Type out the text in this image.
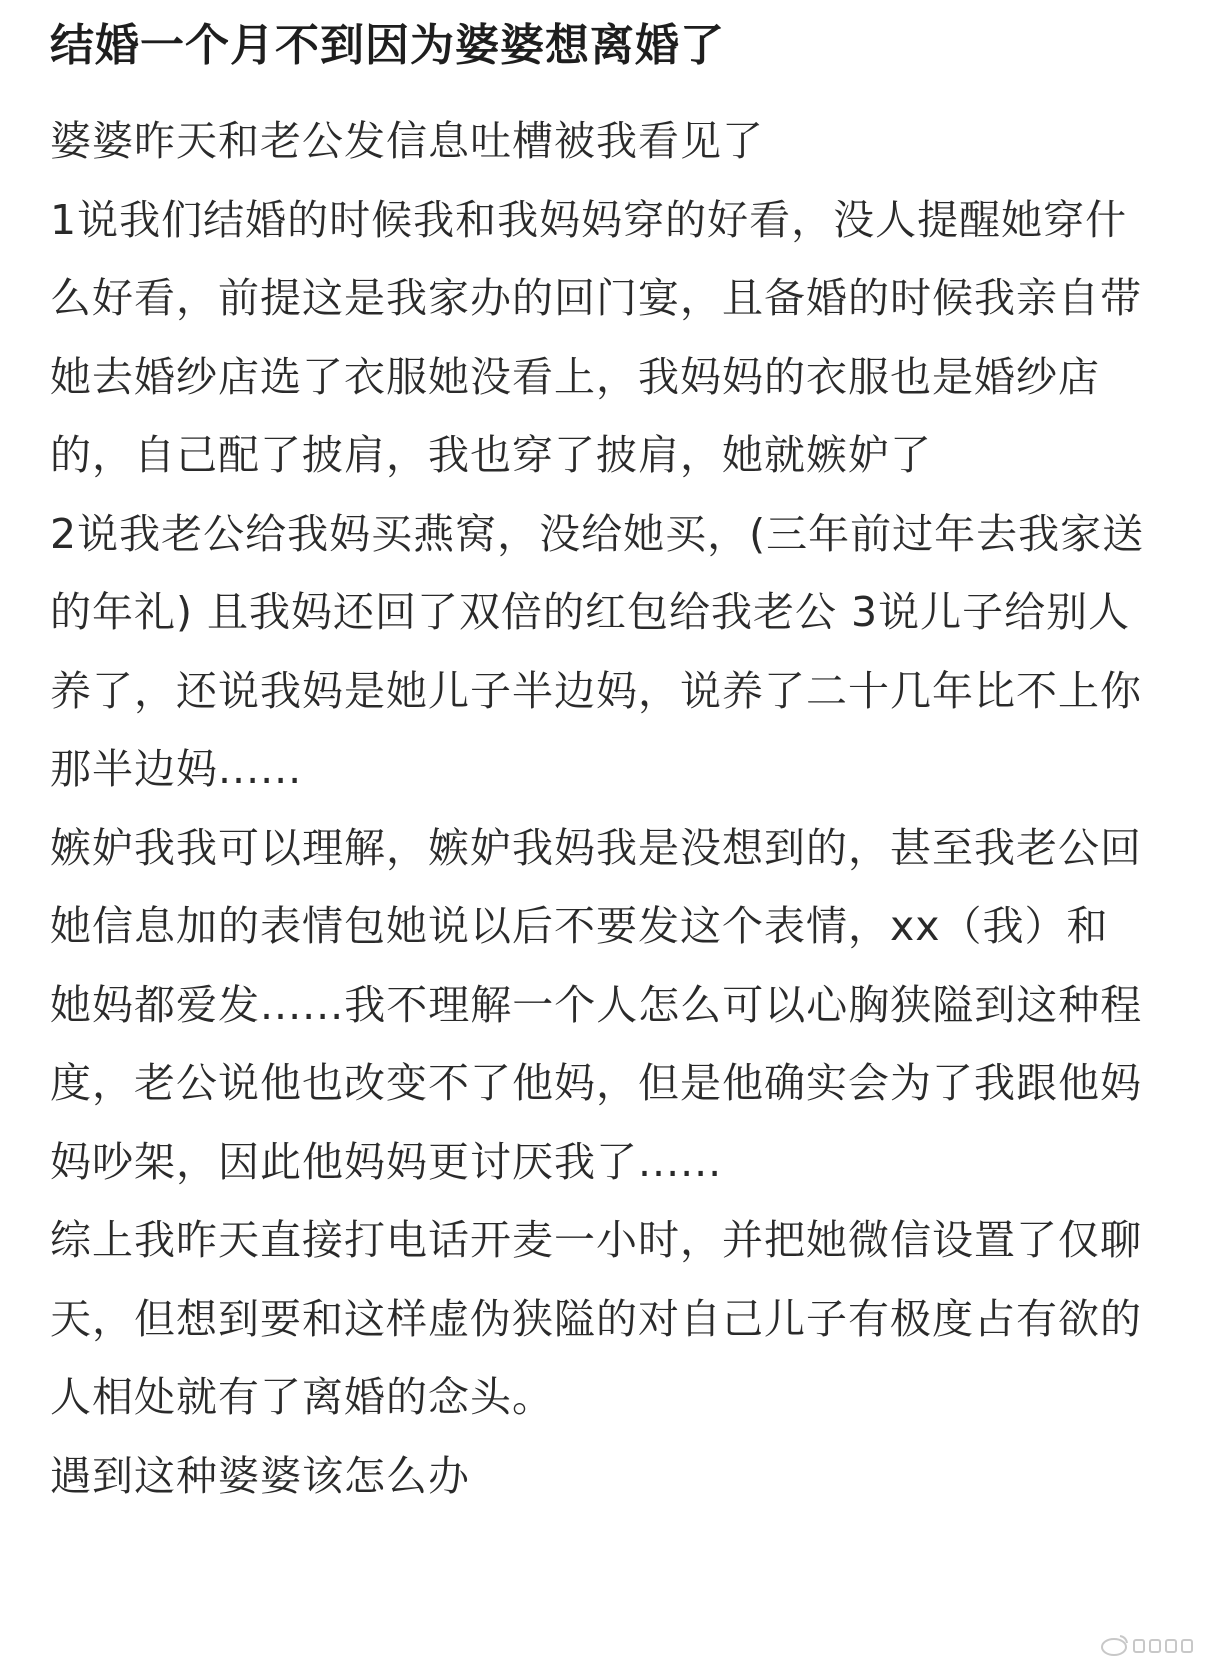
结婚一个月不到因为婆婆想离婚了

婆婆昨天和老公发信息吐槽被我看见了

1说我们结婚的时候我和我妈妈穿的好看，没人提醒她穿什么好看，前提这是我家办的回门宴，且备婚的时候我亲自带她去婚纱店选了衣服她没看上，我妈妈的衣服也是婚纱店的，自己配了披肩，我也穿了披肩，她就嫉妒了

2说我老公给我妈买燕窝，没给她买，(三年前过年去我家送的年礼) 且我妈还回了双倍的红包给我老公 3说儿子给别人养了，还说我妈是她儿子半边妈，说养了二十几年比不上你那半边妈......

嫉妒我我可以理解，嫉妒我妈我是没想到的，甚至我老公回她信息加的表情包她说以后不要发这个表情，xx（我）和她妈都爱发......我不理解一个人怎么可以心胸狭隘到这种程度，老公说他也改变不了他妈，但是他确实会为了我跟他妈妈吵架，因此他妈妈更讨厌我了......

综上我昨天直接打电话开麦一小时，并把她微信设置了仅聊天，但想到要和这样虚伪狭隘的对自己儿子有极度占有欲的人相处就有了离婚的念头。

遇到这种婆婆该怎么办
